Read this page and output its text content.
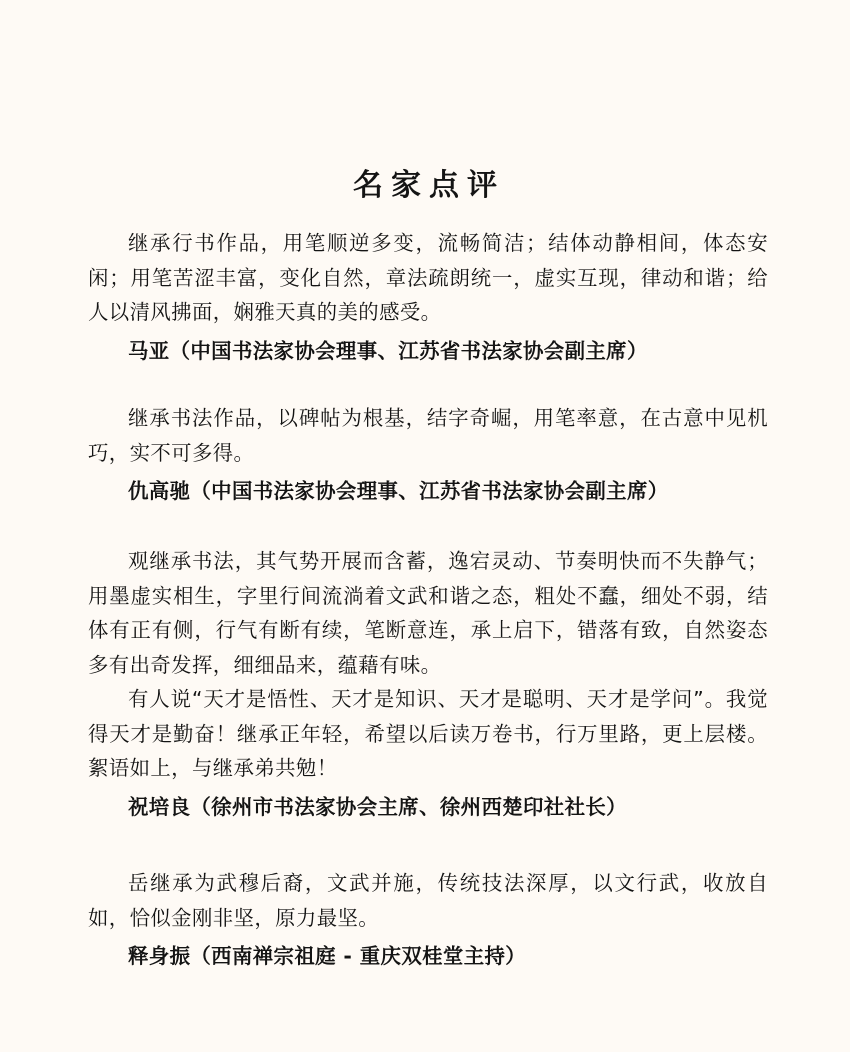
名家点评

继承行书作品，用笔顺逆多变，流畅简洁；结体动静相间，体态安闲；用笔苦涩丰富，变化自然，章法疏朗统一，虚实互现，律动和谐；给人以清风拂面，娴雅天真的美的感受。

马亚（中国书法家协会理事、江苏省书法家协会副主席）

继承书法作品，以碑帖为根基，结字奇崛，用笔率意，在古意中见机巧，实不可多得。

仇高驰（中国书法家协会理事、江苏省书法家协会副主席）

观继承书法，其气势开展而含蓄，逸宕灵动、节奏明快而不失静气；用墨虚实相生，字里行间流淌着文武和谐之态，粗处不蠢，细处不弱，结体有正有侧，行气有断有续，笔断意连，承上启下，错落有致，自然姿态多有出奇发挥，细细品来，蕴藉有味。

有人说“天才是悟性、天才是知识、天才是聪明、天才是学问”。我觉得天才是勤奋！继承正年轻，希望以后读万卷书，行万里路，更上层楼。絮语如上，与继承弟共勉！

祝培良（徐州市书法家协会主席、徐州西楚印社社长）

岳继承为武穆后裔，文武并施，传统技法深厚，以文行武，收放自如，恰似金刚非坚，原力最坚。

释身振（西南禅宗祖庭 - 重庆双桂堂主持）
